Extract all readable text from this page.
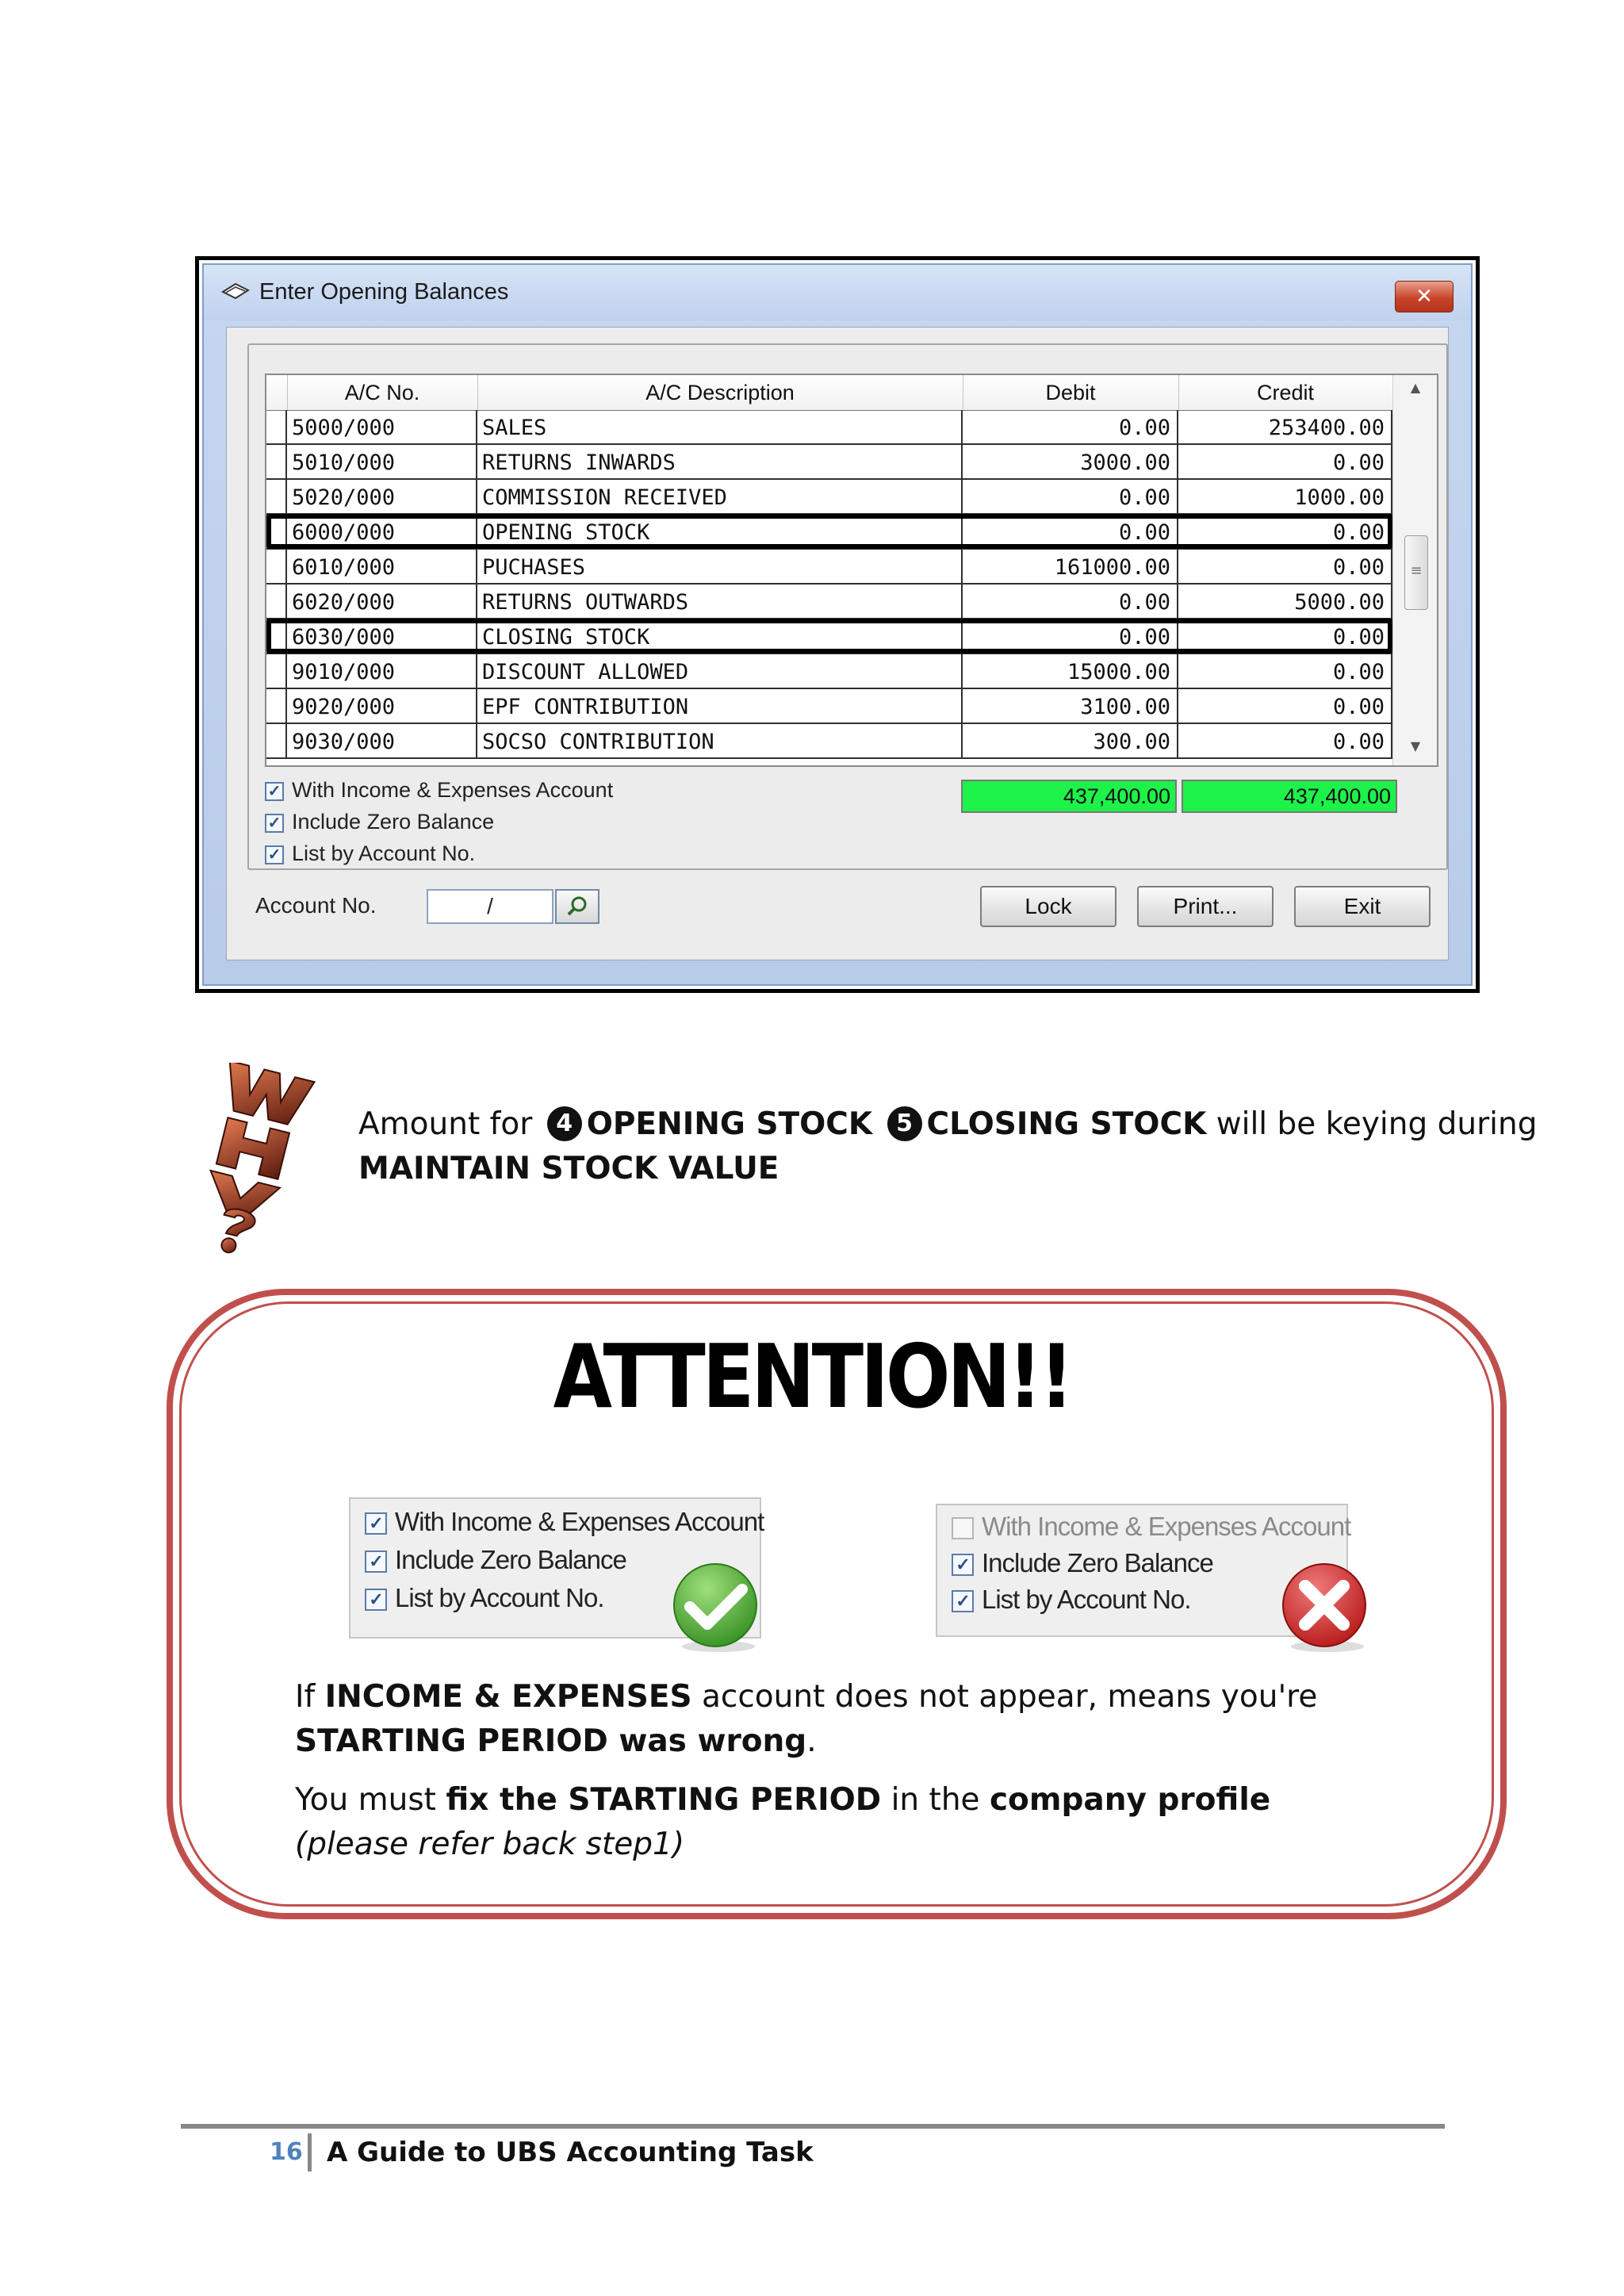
Enter Opening Balances	✕
A/C No.	A/C Description	Debit	Credit
5000/000	SALES	0.00	253400.00
5010/000	RETURNS INWARDS	3000.00	0.00
5020/000	COMMISSION RECEIVED	0.00	1000.00
6000/000	OPENING STOCK	0.00	0.00
6010/000	PUCHASES	161000.00	0.00
6020/000	RETURNS OUTWARDS	0.00	5000.00
6030/000	CLOSING STOCK	0.00	0.00
9010/000	DISCOUNT ALLOWED	15000.00	0.00
9020/000	EPF CONTRIBUTION	3100.00	0.00
9030/000	SOCSO CONTRIBUTION	300.00	0.00
▲
≡
▼
✓ With Income & Expenses Account
✓ Include Zero Balance
✓ List by Account No.
437,400.00	437,400.00
Account No.	/	Lock	Print...	Exit
Amount for 4 OPENING STOCK 5 CLOSING STOCK will be keying during MAINTAIN STOCK VALUE
ATTENTION!!
✓ With Income & Expenses Account
✓ Include Zero Balance
✓ List by Account No.
With Income & Expenses Account
✓ Include Zero Balance
✓ List by Account No.

If INCOME & EXPENSES account does not appear, means you're STARTING PERIOD was wrong.

You must fix the STARTING PERIOD in the company profile

(please refer back step1)

16 A Guide to UBS Accounting Task
